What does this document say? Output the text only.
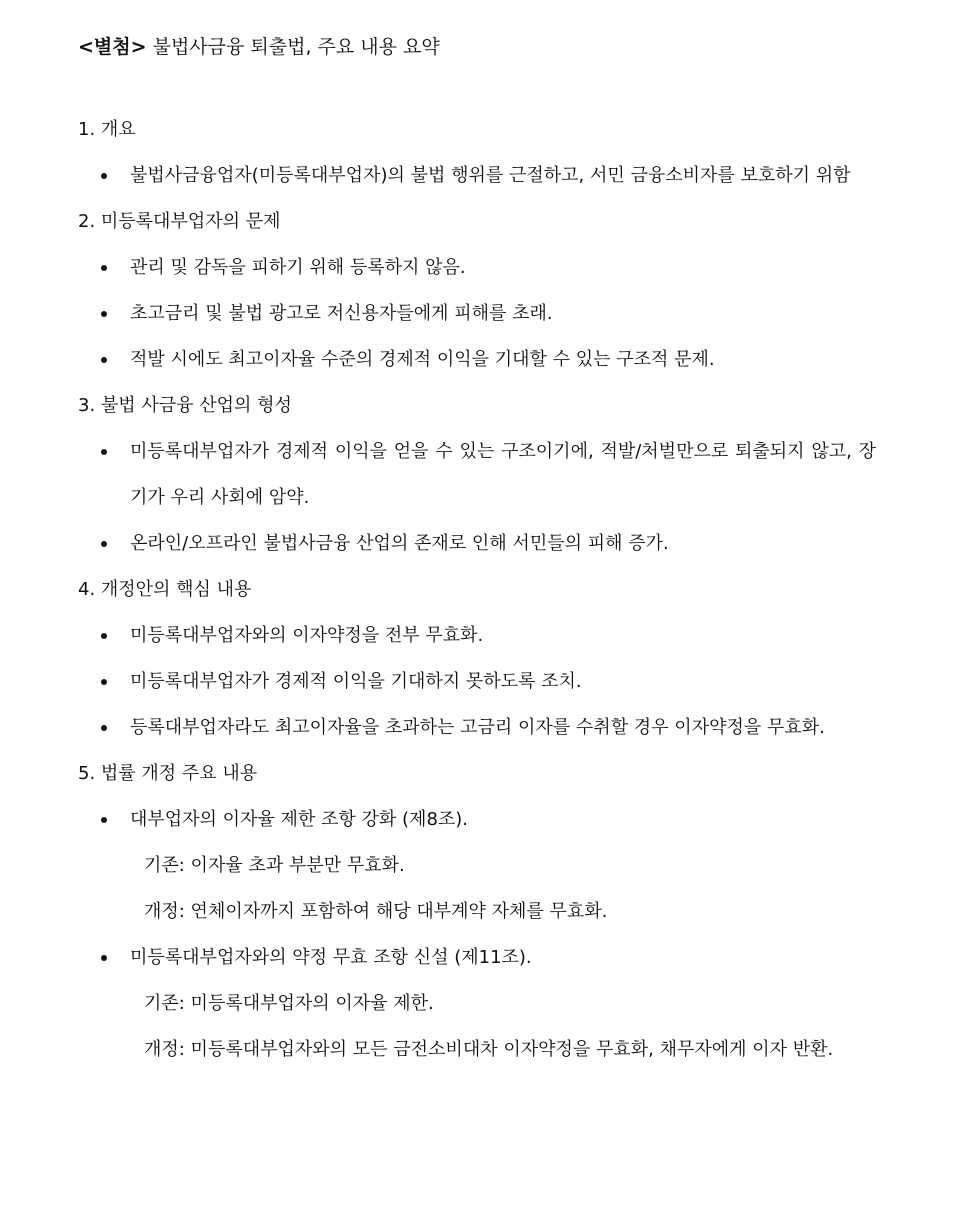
<별첨> 불법사금융 퇴출법, 주요 내용 요약
1. 개요
불법사금융업자(미등록대부업자)의 불법 행위를 근절하고, 서민 금융소비자를 보호하기 위함
2. 미등록대부업자의 문제
관리 및 감독을 피하기 위해 등록하지 않음.
초고금리 및 불법 광고로 저신용자들에게 피해를 초래.
적발 시에도 최고이자율 수준의 경제적 이익을 기대할 수 있는 구조적 문제.
3. 불법 사금융 산업의 형성
미등록대부업자가 경제적 이익을 얻을 수 있는 구조이기에, 적발/처벌만으로 퇴출되지 않고, 장기가 우리 사회에 암약.
온라인/오프라인 불법사금융 산업의 존재로 인해 서민들의 피해 증가.
4. 개정안의 핵심 내용
미등록대부업자와의 이자약정을 전부 무효화.
미등록대부업자가 경제적 이익을 기대하지 못하도록 조치.
등록대부업자라도 최고이자율을 초과하는 고금리 이자를 수취할 경우 이자약정을 무효화.
5. 법률 개정 주요 내용
대부업자의 이자율 제한 조항 강화 (제8조).
기존: 이자율 초과 부분만 무효화.
개정: 연체이자까지 포함하여 해당 대부계약 자체를 무효화.
미등록대부업자와의 약정 무효 조항 신설 (제11조).
기존: 미등록대부업자의 이자율 제한.
개정: 미등록대부업자와의 모든 금전소비대차 이자약정을 무효화, 채무자에게 이자 반환.
